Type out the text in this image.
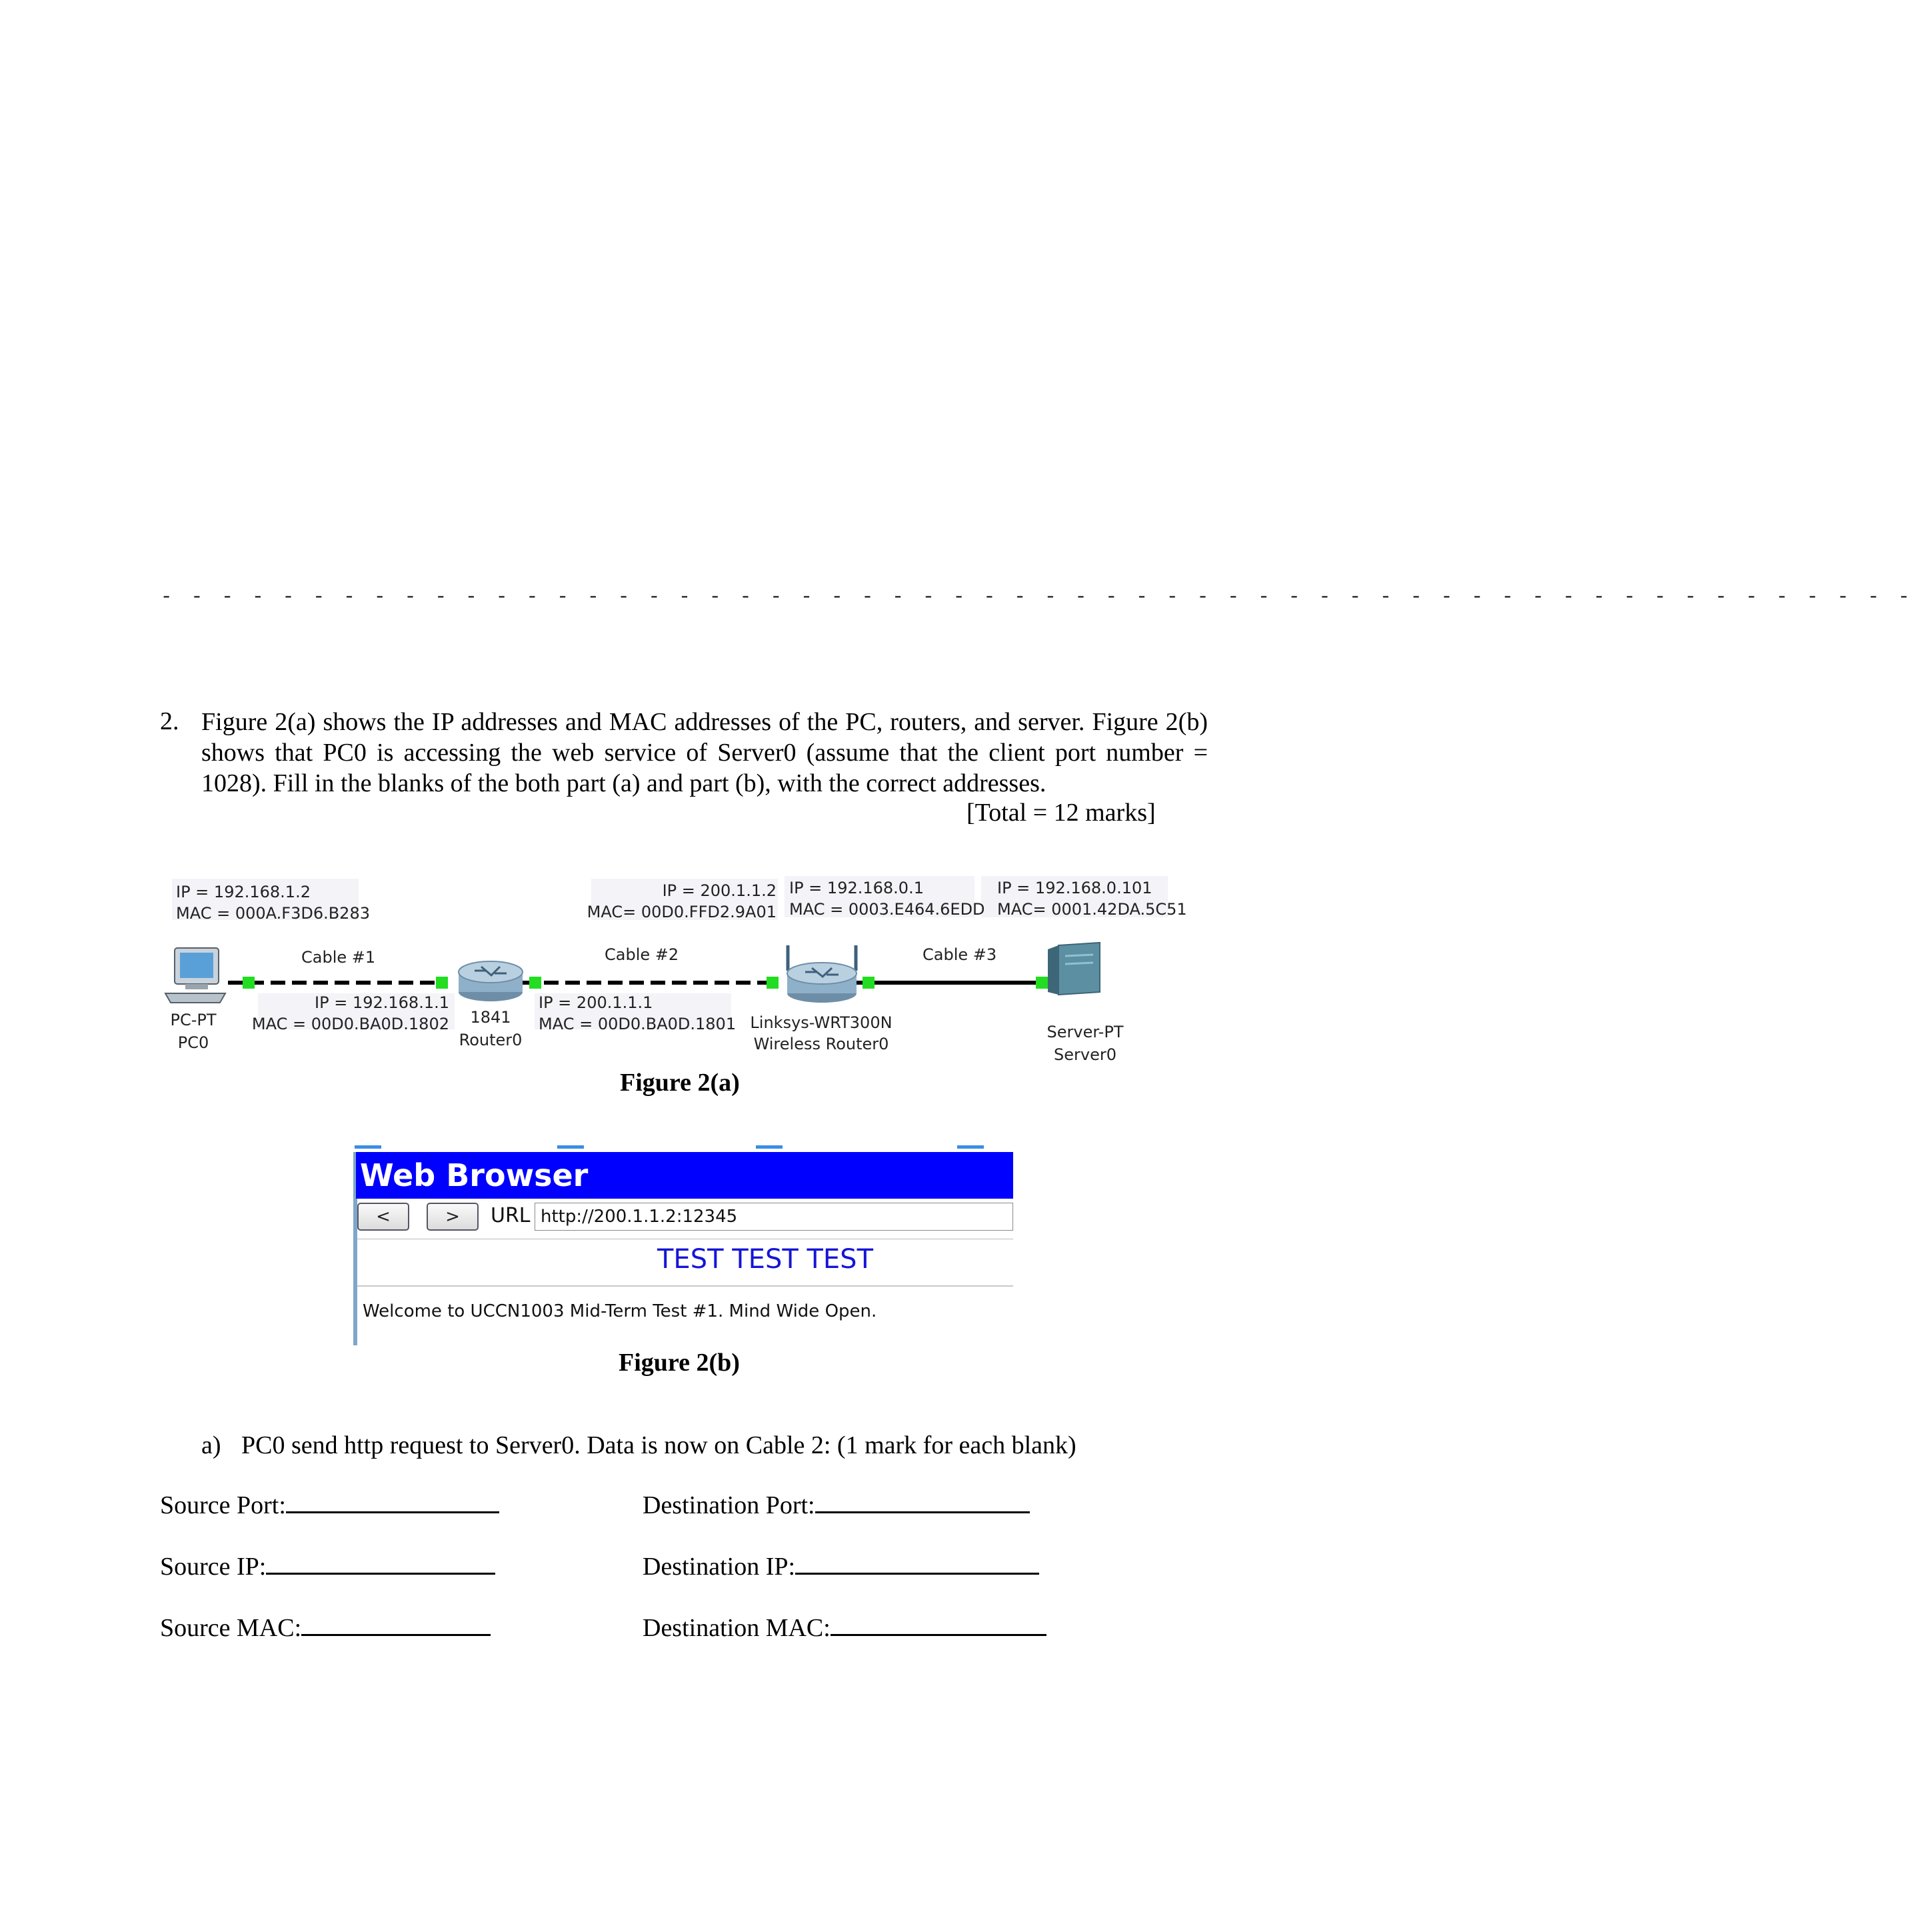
- - - - - - - - - - - - - - - - - - - - - - - - - - - - - - - - - - - - - - - - - - - - - - - - - - - - - - - - - -
2. Figure 2(a) shows the IP addresses and MAC addresses of the PC, routers, and server. Figure 2(b) shows that PC0 is accessing the web service of Server0 (assume that the client port number = 1028). Fill in the blanks of the both part (a) and part (b), with the correct addresses.
[Total = 12 marks]
IP = 192.168.1.2
MAC = 000A.F3D6.B283
IP = 200.1.1.2
MAC= 00D0.FFD2.9A01
IP = 192.168.0.1
MAC = 0003.E464.6EDD
IP = 192.168.0.101
MAC= 0001.42DA.5C51
Cable #1	Cable #2	Cable #3
PC-PT
PC0
1841
Router0
IP = 192.168.1.1
MAC = 00D0.BA0D.1802
IP = 200.1.1.1
MAC = 00D0.BA0D.1801 Linksys-WRT300N
Wireless Router0
Server-PT
Server0
Figure 2(a)
Web Browser
<	>	URL http://200.1.1.2:12345
TEST TEST TEST
Welcome to UCCN1003 Mid-Term Test #1. Mind Wide Open.
Figure 2(b)
a) PC0 send http request to Server0. Data is now on Cable 2: (1 mark for each blank)
Source Port:	Destination Port:
Source IP:	Destination IP:
Source MAC:	Destination MAC:
